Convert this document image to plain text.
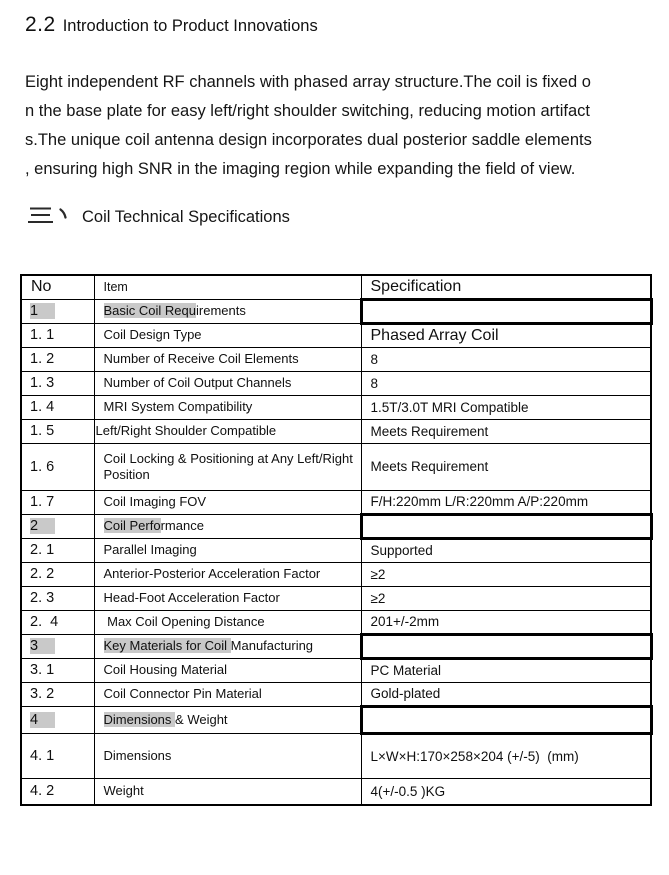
2.2 Introduction to Product Innovations
Eight independent RF channels with phased array structure.The coil is fixed o
n the base plate for easy left/right shoulder switching, reducing motion artifact
s.The unique coil antenna design incorporates dual posterior saddle elements
, ensuring high SNR in the imaging region while expanding the field of view.
Coil Technical Specifications
No	Item	Specification
1	Basic Coil Requirements	
1. 1	Coil Design Type	Phased Array Coil
1. 2	Number of Receive Coil Elements	8
1. 3	Number of Coil Output Channels	8
1. 4	MRI System Compatibility	1.5T/3.0T MRI Compatible
1. 5	Left/Right Shoulder Compatible	Meets Requirement
1. 6	Coil Locking & Positioning at Any Left/Right Position	Meets Requirement
1. 7	Coil Imaging FOV	F/H:220mm L/R:220mm A/P:220mm
2	Coil Performance	
2. 1	Parallel Imaging	Supported
2. 2	Anterior-Posterior Acceleration Factor	≥2
2. 3	Head-Foot Acceleration Factor	≥2
2.  4	Max Coil Opening Distance	201+/-2mm
3	Key Materials for Coil Manufacturing	
3. 1	Coil Housing Material	PC Material
3. 2	Coil Connector Pin Material	Gold-plated
4	Dimensions & Weight	
4. 1	Dimensions	L×W×H:170×258×204 (+/-5)  (mm)
4. 2	Weight	4(+/-0.5 )KG
